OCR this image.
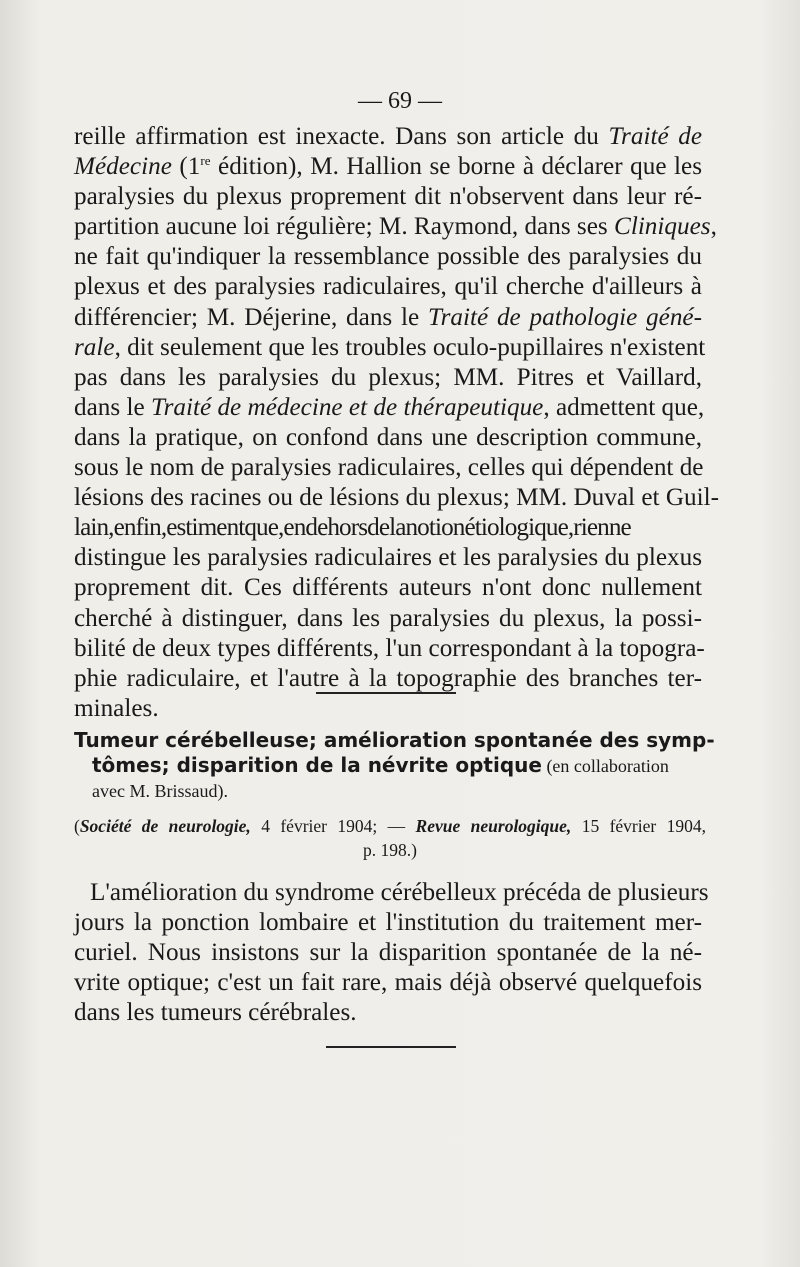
— 69 —
reille affirmation est inexacte. Dans son article du Traité de
Médecine (1re édition), M. Hallion se borne à déclarer que les
paralysies du plexus proprement dit n'observent dans leur ré-
partition aucune loi régulière; M. Raymond, dans ses Cliniques,
ne fait qu'indiquer la ressemblance possible des paralysies du
plexus et des paralysies radiculaires, qu'il cherche d'ailleurs à
différencier; M. Déjerine, dans le Traité de pathologie géné-
rale, dit seulement que les troubles oculo-pupillaires n'existent
pas dans les paralysies du plexus; MM. Pitres et Vaillard,
dans le Traité de médecine et de thérapeutique, admettent que,
dans la pratique, on confond dans une description commune,
sous le nom de paralysies radiculaires, celles qui dépendent de
lésions des racines ou de lésions du plexus; MM. Duval et Guil-
lain,enfin,estimentque,endehorsdelanotionétiologique,rienne
distingue les paralysies radiculaires et les paralysies du plexus
proprement dit. Ces différents auteurs n'ont donc nullement
cherché à distinguer, dans les paralysies du plexus, la possi-
bilité de deux types différents, l'un correspondant à la topogra-
phie radiculaire, et l'autre à la topographie des branches ter-
minales.
Tumeur cérébelleuse; amélioration spontanée des symp-
tômes; disparition de la névrite optique (en collaboration
avec M. Brissaud).
(Société de neurologie, 4 février 1904; — Revue neurologique, 15 février 1904,
p. 198.)
L'amélioration du syndrome cérébelleux précéda de plusieurs
jours la ponction lombaire et l'institution du traitement mer-
curiel. Nous insistons sur la disparition spontanée de la né-
vrite optique; c'est un fait rare, mais déjà observé quelquefois
dans les tumeurs cérébrales.
